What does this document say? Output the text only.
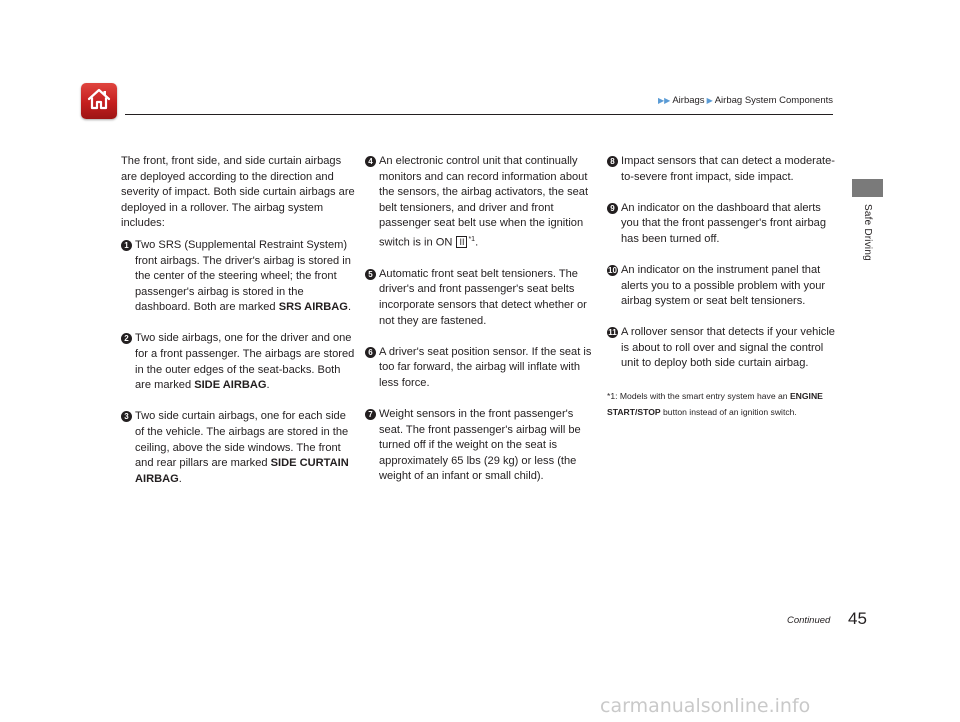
▶▶ Airbags ▶ Airbag System Components
Safe Driving

The front, front side, and side curtain airbags are deployed according to the direction and severity of impact. Both side curtain airbags are deployed in a rollover. The airbag system includes:

1 Two SRS (Supplemental Restraint System) front airbags. The driver's airbag is stored in the center of the steering wheel; the front passenger's airbag is stored in the dashboard. Both are marked SRS AIRBAG.
2 Two side airbags, one for the driver and one for a front passenger. The airbags are stored in the outer edges of the seat-backs. Both are marked SIDE AIRBAG.
3 Two side curtain airbags, one for each side of the vehicle. The airbags are stored in the ceiling, above the side windows. The front and rear pillars are marked SIDE CURTAIN AIRBAG.
4 An electronic control unit that continually monitors and can record information about the sensors, the airbag activators, the seat belt tensioners, and driver and front passenger seat belt use when the ignition switch is in ON II $^{*1}$.
5 Automatic front seat belt tensioners. The driver's and front passenger's seat belts incorporate sensors that detect whether or not they are fastened.
6 A driver's seat position sensor. If the seat is too far forward, the airbag will inflate with less force.
7 Weight sensors in the front passenger's seat. The front passenger's airbag will be turned off if the weight on the seat is approximately 65 lbs (29 kg) or less (the weight of an infant or small child).
8 Impact sensors that can detect a moderate-to-severe front impact, side impact.
9 An indicator on the dashboard that alerts you that the front passenger's front airbag has been turned off.
10 An indicator on the instrument panel that alerts you to a possible problem with your airbag system or seat belt tensioners.
11 A rollover sensor that detects if your vehicle is about to roll over and signal the control unit to deploy both side curtain airbag.

*1: Models with the smart entry system have an ENGINE START/STOP button instead of an ignition switch.

Continued 45
carmanualsonline.info
